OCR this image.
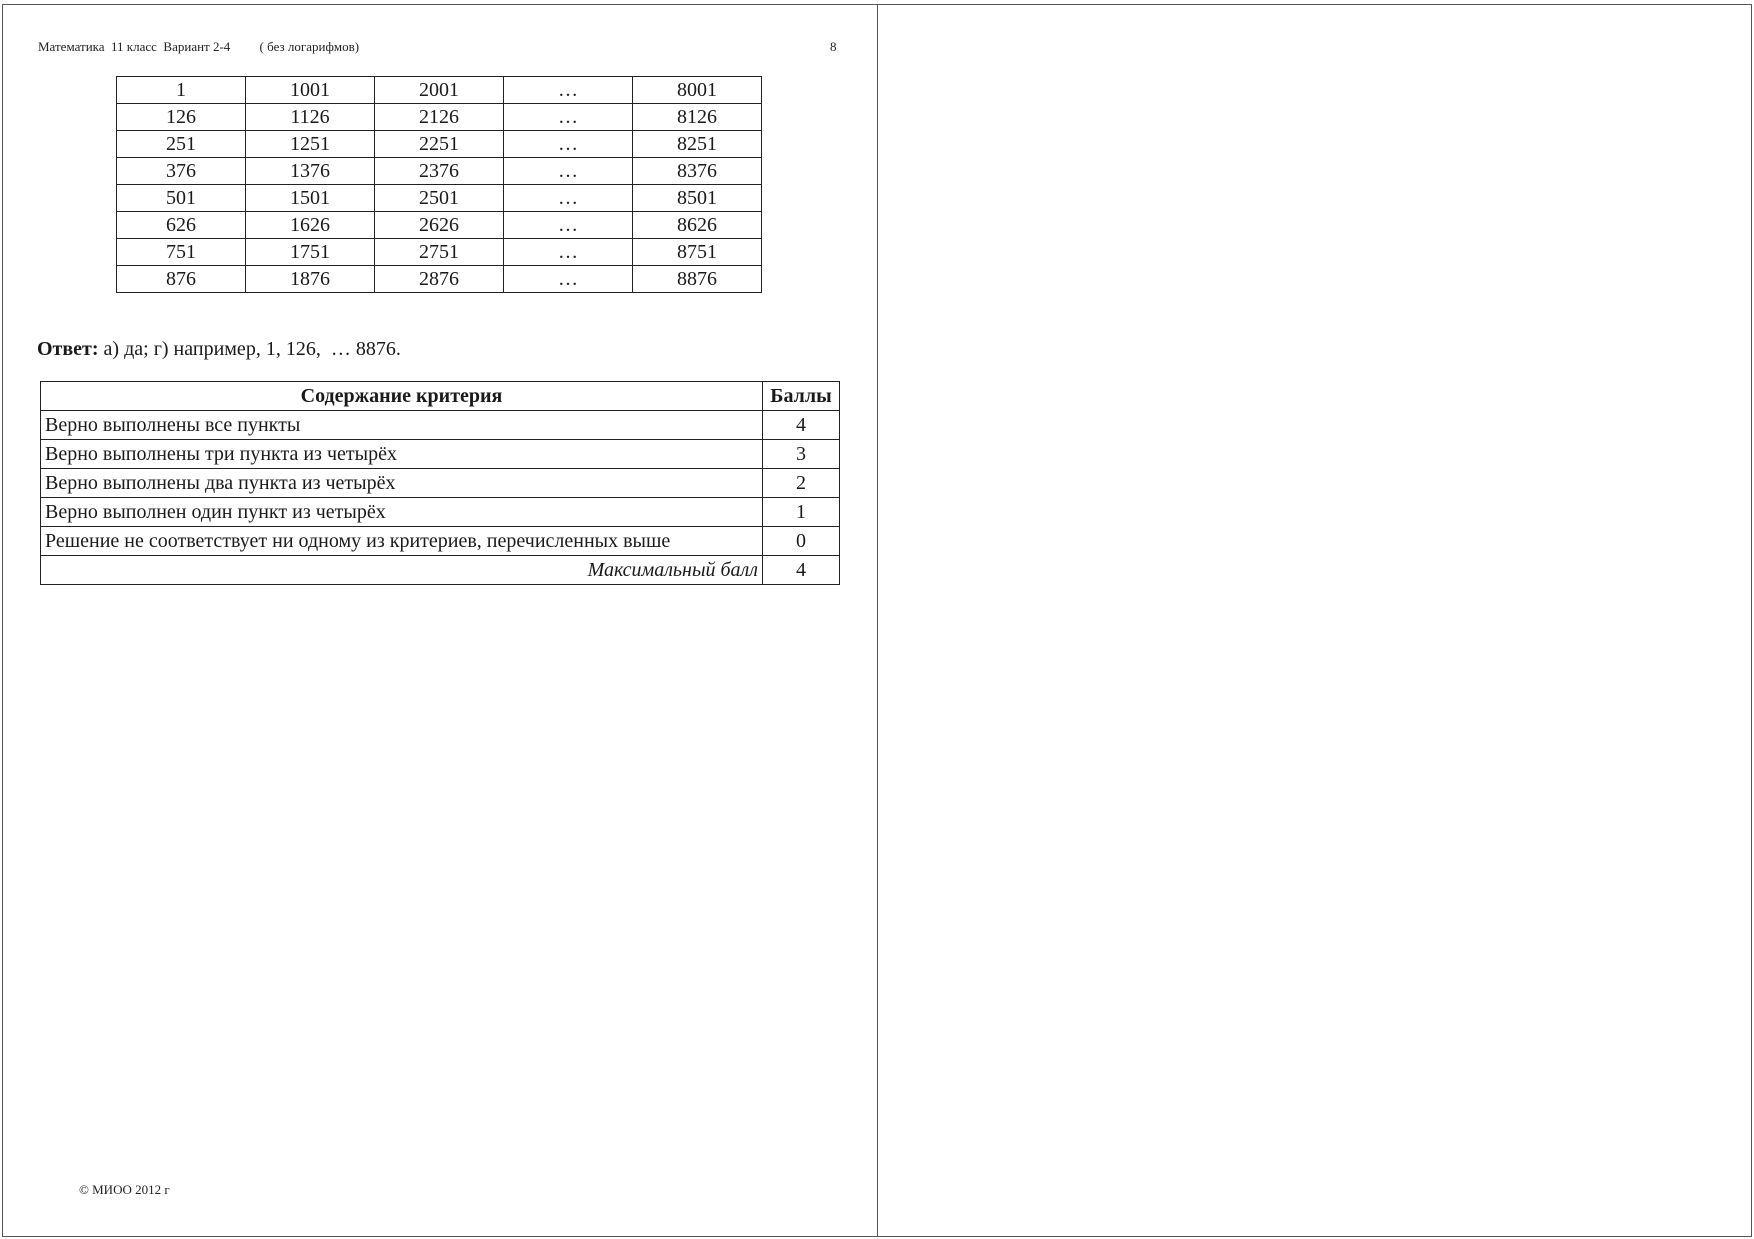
Математика  11 класс  Вариант 2-4         ( без логарифмов)	8
1	1001	2001	…	8001
126	1126	2126	…	8126
251	1251	2251	…	8251
376	1376	2376	…	8376
501	1501	2501	…	8501
626	1626	2626	…	8626
751	1751	2751	…	8751
876	1876	2876	…	8876
Ответ: а) да; г) например, 1, 126,  … 8876.
Содержание критерия	Баллы
Верно выполнены все пункты	4
Верно выполнены три пункта из четырёх	3
Верно выполнены два пункта из четырёх	2
Верно выполнен один пункт из четырёх	1
Решение не соответствует ни одному из критериев, перечисленных выше	0
Максимальный балл	4
© МИОО 2012 г
